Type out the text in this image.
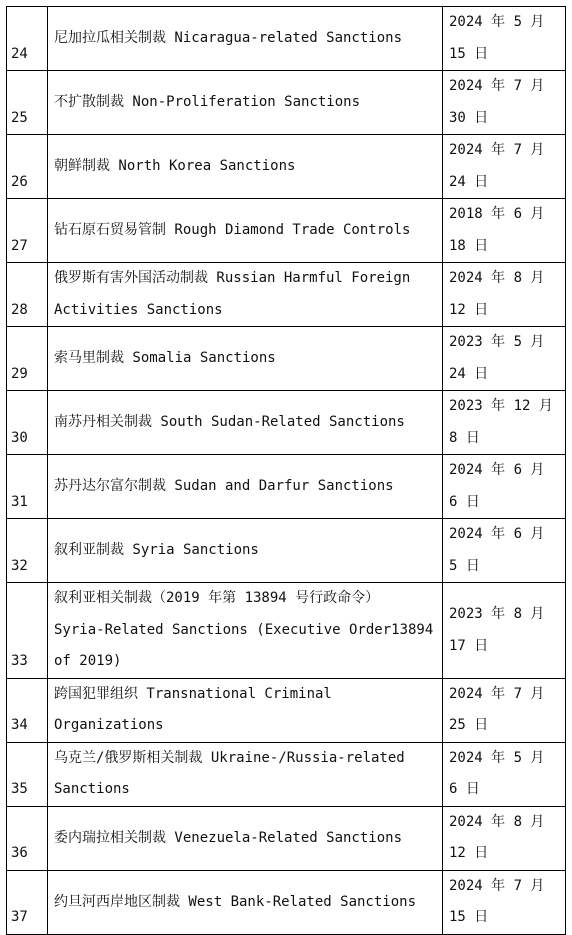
24	尼加拉瓜相关制裁 Nicaragua-related Sanctions	2024 年 5 月 15 日
25	不扩散制裁 Non-Proliferation Sanctions	2024 年 7 月 30 日
26	朝鲜制裁 North Korea Sanctions	2024 年 7 月 24 日
27	钻石原石贸易管制 Rough Diamond Trade Controls	2018 年 6 月 18 日
28	俄罗斯有害外国活动制裁 Russian Harmful Foreign Activities Sanctions	2024 年 8 月 12 日
29	索马里制裁 Somalia Sanctions	2023 年 5 月 24 日
30	南苏丹相关制裁 South Sudan-Related Sanctions	2023 年 12 月 8 日
31	苏丹达尔富尔制裁 Sudan and Darfur Sanctions	2024 年 6 月 6 日
32	叙利亚制裁 Syria Sanctions	2024 年 6 月 5 日
33	叙利亚相关制裁（2019 年第 13894 号行政命令） Syria-Related Sanctions (Executive Order13894 of 2019)	2023 年 8 月 17 日
34	跨国犯罪组织 Transnational Criminal Organizations	2024 年 7 月 25 日
35	乌克兰/俄罗斯相关制裁 Ukraine-/Russia-related Sanctions	2024 年 5 月 6 日
36	委内瑞拉相关制裁 Venezuela-Related Sanctions	2024 年 8 月 12 日
37	约旦河西岸地区制裁 West Bank-Related Sanctions	2024 年 7 月 15 日
